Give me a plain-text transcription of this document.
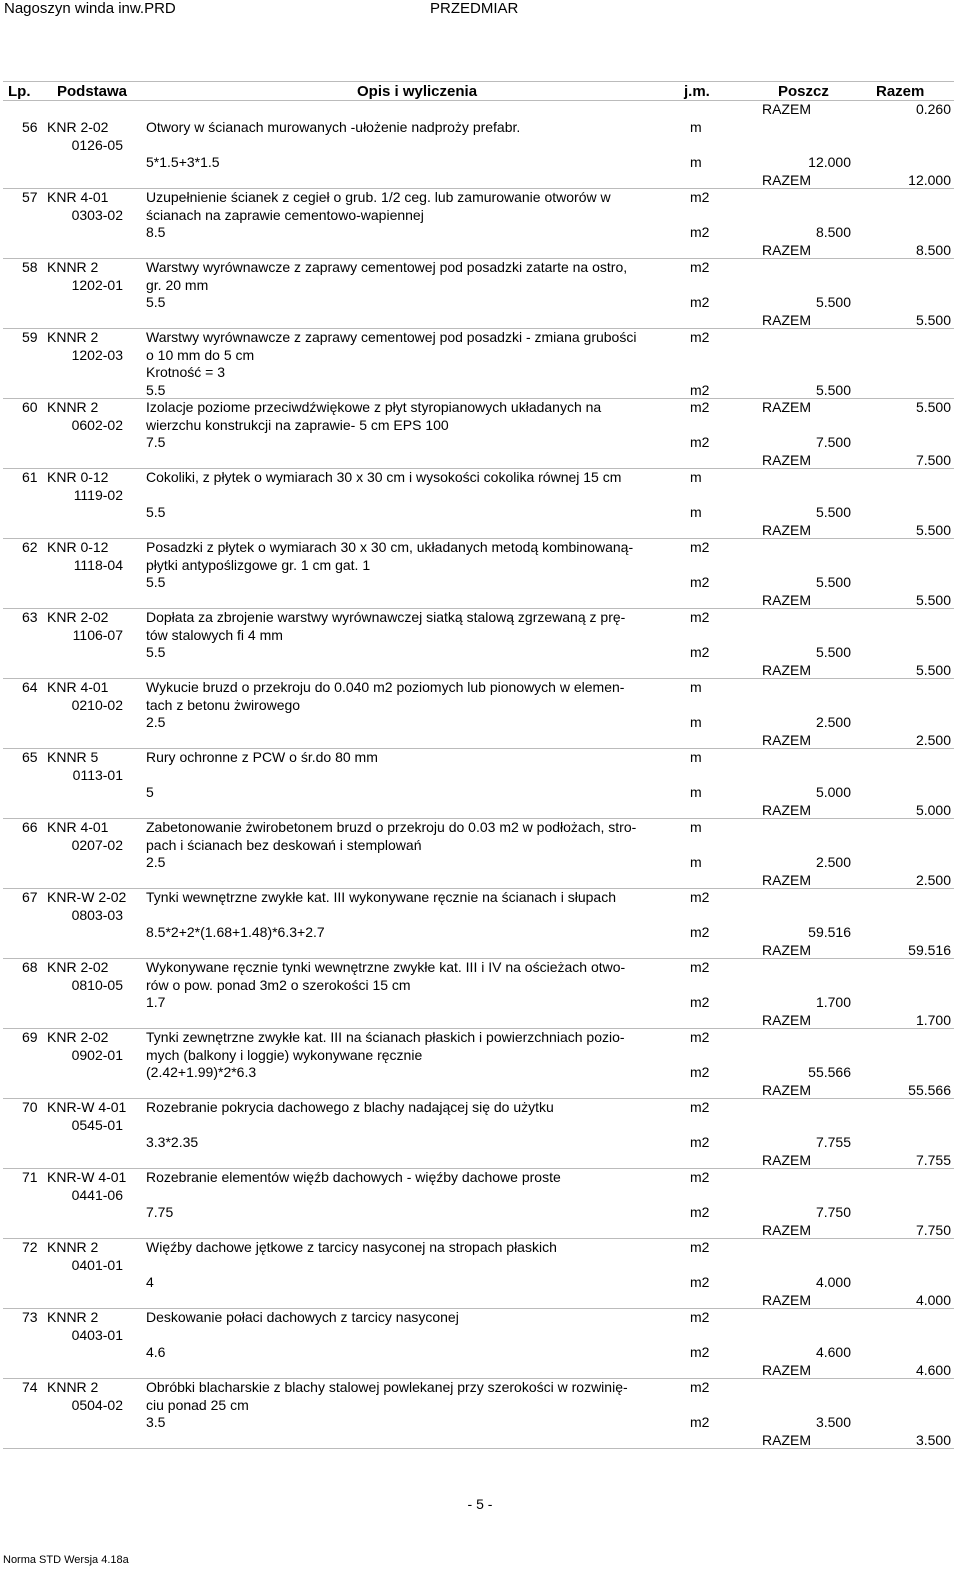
Nagoszyn winda inw.PRD	PRZEDMIAR
Lp. Podstawa	Opis i wyliczenia	j.m.	Poszcz	Razem
RAZEM	0.260
56 KNR 2-02
0126-05
Otwory w ścianach murowanych -ułożenie nadproży prefabr.	m
5*1.5+3*1.5	m	12.000
RAZEM	12.000
57 KNR 4-01
0303-02
Uzupełnienie ścianek z cegieł o grub. 1/2 ceg. lub zamurowanie otworów w
ścianach na zaprawie cementowo-wapiennej
m2
8.5	m2	8.500
RAZEM	8.500
58 KNNR 2
1202-01
Warstwy wyrównawcze z zaprawy cementowej pod posadzki zatarte na ostro,
gr. 20 mm
m2
5.5	m2	5.500
RAZEM	5.500
59 KNNR 2
1202-03
Warstwy wyrównawcze z zaprawy cementowej pod posadzki - zmiana grubości
o 10 mm do 5 cm
Krotność = 3
m2
5.5	m2	5.500
RAZEM	5.500
60 KNNR 2
0602-02
Izolacje poziome przeciwdźwiękowe z płyt styropianowych układanych na
wierzchu konstrukcji na zaprawie- 5 cm EPS 100
m2
7.5	m2	7.500
RAZEM	7.500
61 KNR 0-12
1119-02
Cokoliki, z płytek o wymiarach 30 x 30 cm i wysokości cokolika równej 15 cm	m
5.5	m	5.500
RAZEM	5.500
62 KNR 0-12
1118-04
Posadzki z płytek o wymiarach 30 x 30 cm, układanych metodą kombinowaną-
płytki antypoślizgowe gr. 1 cm gat. 1
m2
5.5	m2	5.500
RAZEM	5.500
63 KNR 2-02
1106-07
Dopłata za zbrojenie warstwy wyrównawczej siatką stalową zgrzewaną z prę-
tów stalowych fi 4 mm
m2
5.5	m2	5.500
RAZEM	5.500
64 KNR 4-01
0210-02
Wykucie bruzd o przekroju do 0.040 m2 poziomych lub pionowych w elemen-
tach z betonu żwirowego
m
2.5	m	2.500
RAZEM	2.500
65 KNNR 5
0113-01
Rury ochronne z PCW o śr.do 80 mm	m
5	m	5.000
RAZEM	5.000
66 KNR 4-01
0207-02
Zabetonowanie żwirobetonem bruzd o przekroju do 0.03 m2 w podłożach, stro-
pach i ścianach bez deskowań i stemplowań
m
2.5	m	2.500
RAZEM	2.500
67 KNR-W 2-02
0803-03
Tynki wewnętrzne zwykłe kat. III wykonywane ręcznie na ścianach i słupach	m2
8.5*2+2*(1.68+1.48)*6.3+2.7	m2	59.516
RAZEM	59.516
68 KNR 2-02
0810-05
Wykonywane ręcznie tynki wewnętrzne zwykłe kat. III i IV na ościeżach otwo-
rów o pow. ponad 3m2 o szerokości 15 cm
m2
1.7	m2	1.700
RAZEM	1.700
69 KNR 2-02
0902-01
Tynki zewnętrzne zwykłe kat. III na ścianach płaskich i powierzchniach pozio-
mych (balkony i loggie) wykonywane ręcznie
m2
(2.42+1.99)*2*6.3	m2	55.566
RAZEM	55.566
70 KNR-W 4-01
0545-01
Rozebranie pokrycia dachowego z blachy nadającej się do użytku	m2
3.3*2.35	m2	7.755
RAZEM	7.755
71 KNR-W 4-01
0441-06
Rozebranie elementów więźb dachowych - więźby dachowe proste	m2
7.75	m2	7.750
RAZEM	7.750
72 KNNR 2
0401-01
Więźby dachowe jętkowe z tarcicy nasyconej na stropach płaskich	m2
4	m2	4.000
RAZEM	4.000
73 KNNR 2
0403-01
Deskowanie połaci dachowych z tarcicy nasyconej	m2
4.6	m2	4.600
RAZEM	4.600
74 KNNR 2
0504-02
Obróbki blacharskie z blachy stalowej powlekanej przy szerokości w rozwinię-
ciu ponad 25 cm
m2
3.5	m2	3.500
RAZEM	3.500
- 5 -
Norma STD Wersja 4.18a
